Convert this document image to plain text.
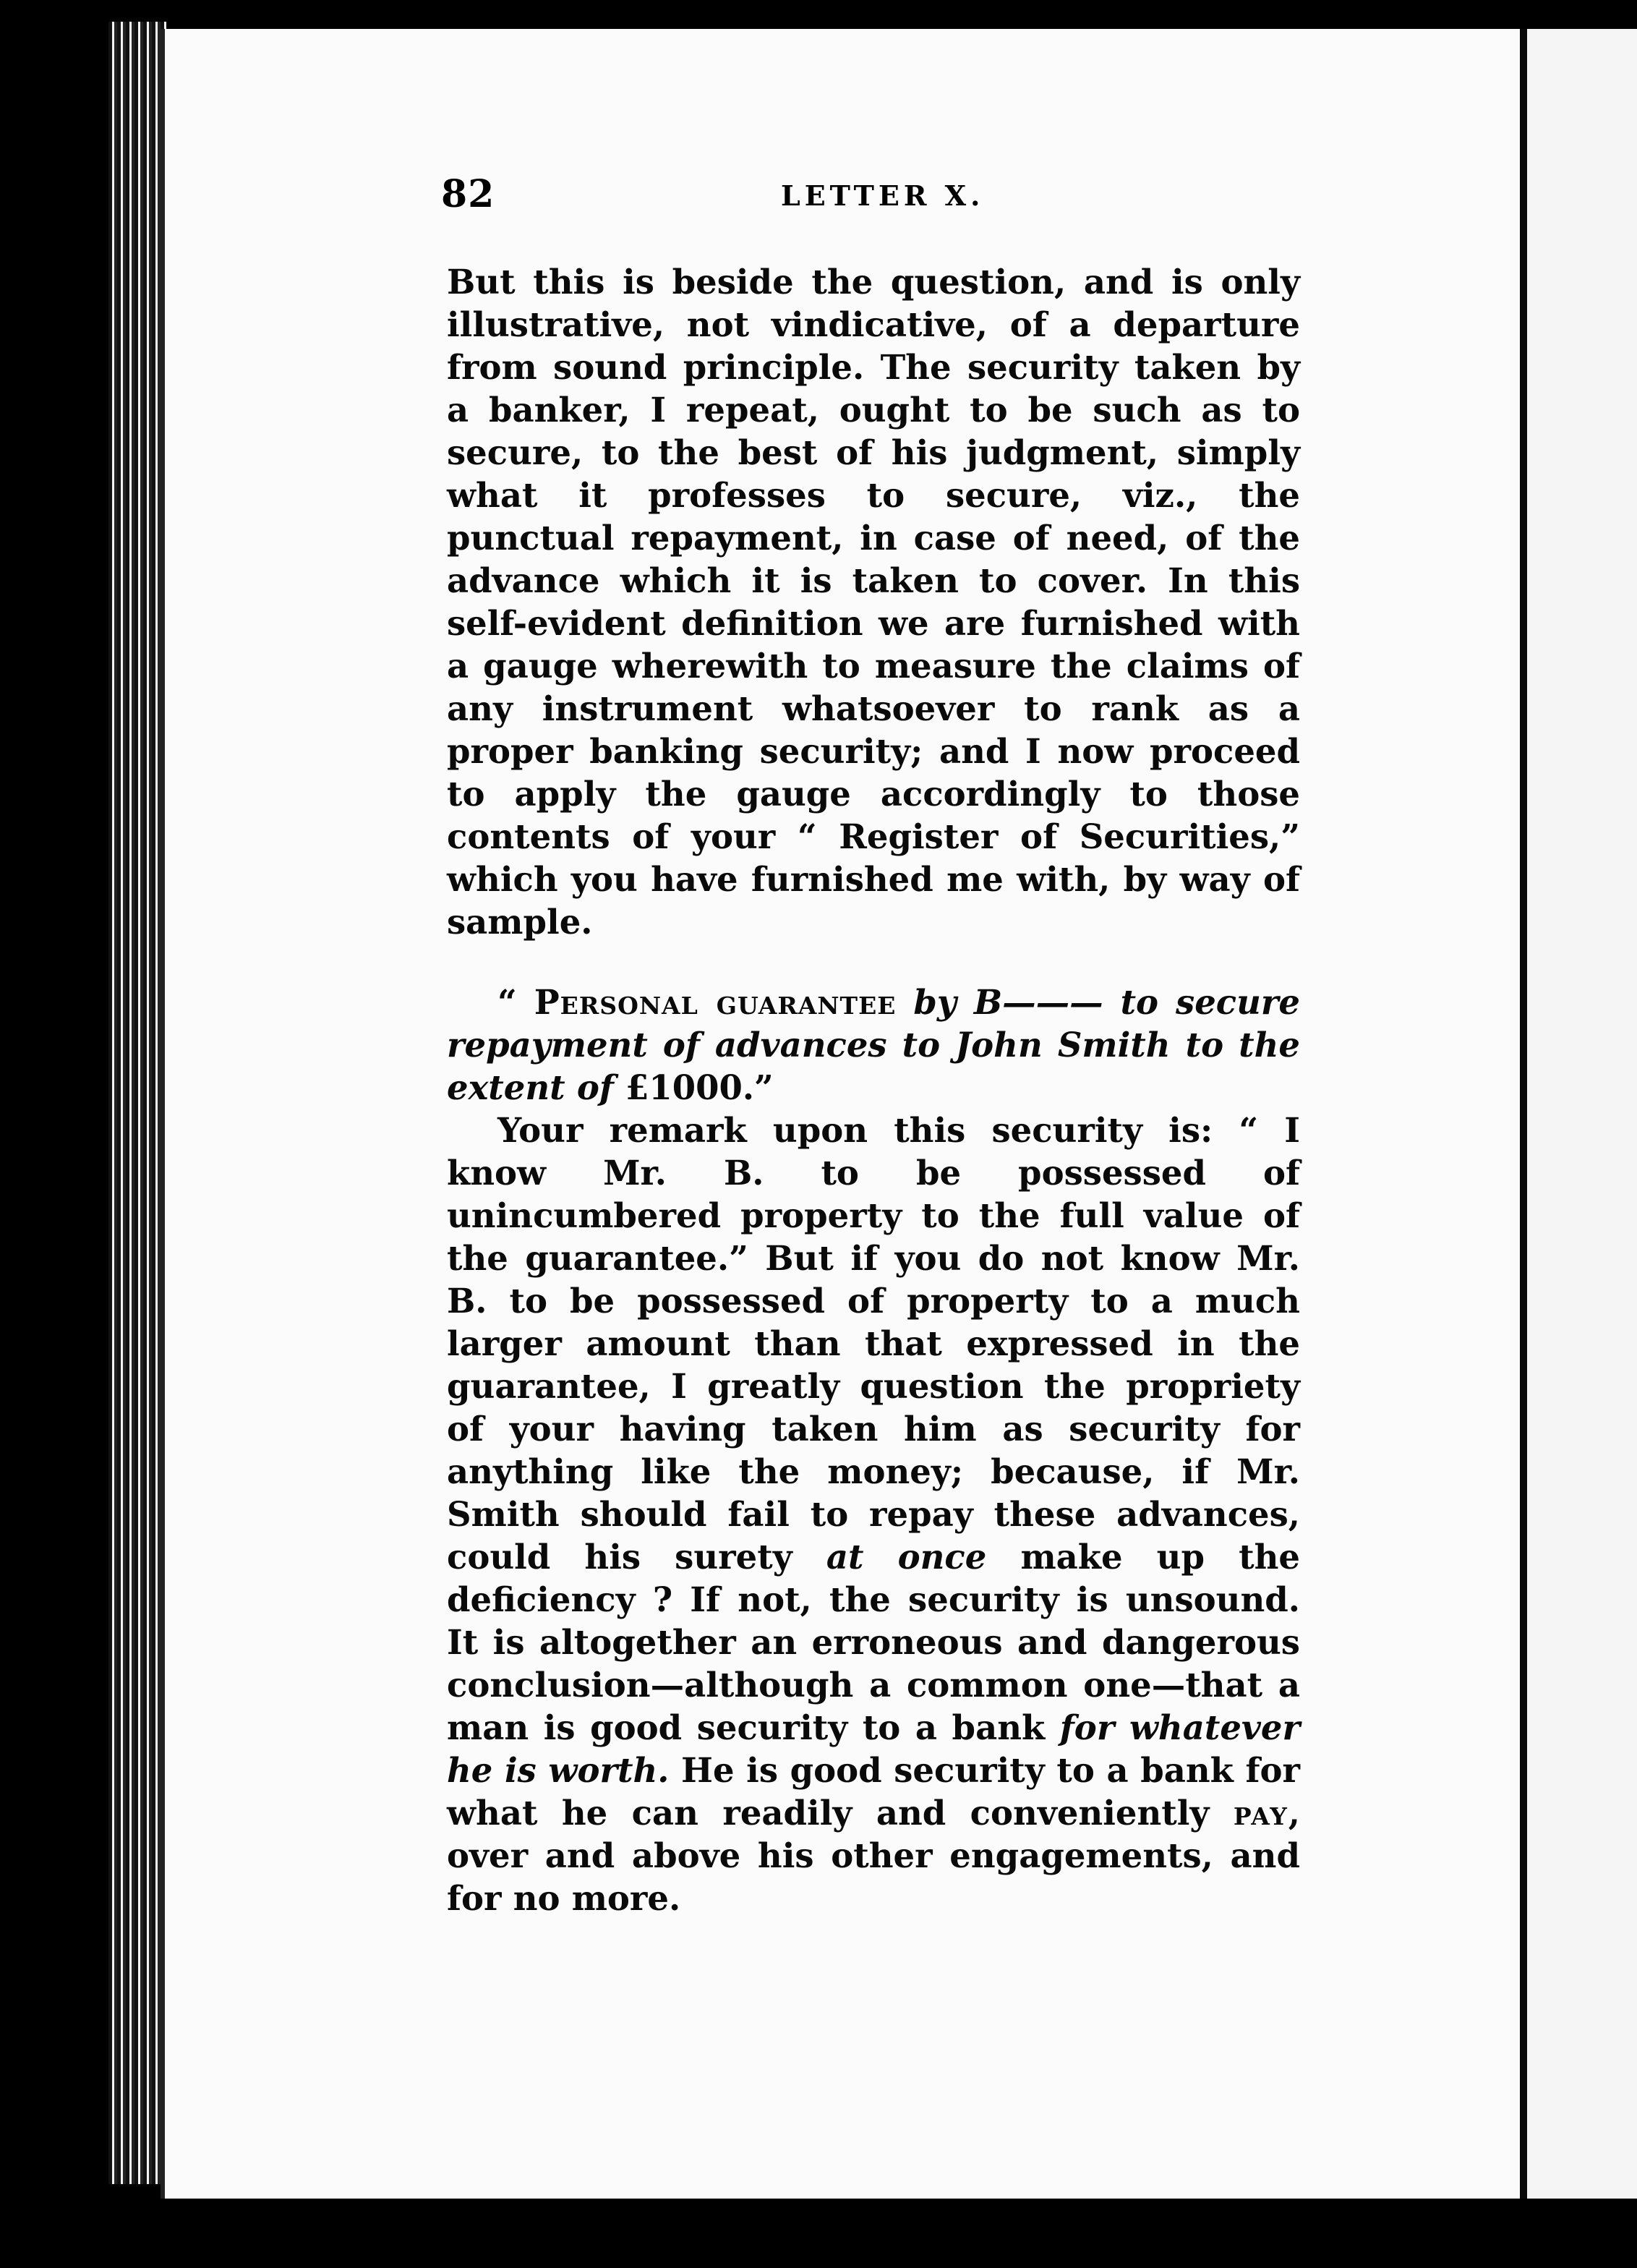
82	LETTER X.

But this is beside the question, and is only illustrative, not vindicative, of a departure from sound principle. The security taken by a banker, I repeat, ought to be such as to secure, to the best of his judgment, simply what it professes to secure, viz., the punctual repayment, in case of need, of the advance which it is taken to cover. In this self-evident definition we are furnished with a gauge wherewith to measure the claims of any instrument whatsoever to rank as a proper banking security; and I now proceed to apply the gauge accordingly to those contents of your “ Register of Securities,” which you have furnished me with, by way of sample.

“ Personal guarantee by B——— to secure repayment of advances to John Smith to the extent of £1000.”

Your remark upon this security is: “ I know Mr. B. to be possessed of unincumbered property to the full value of the guarantee.” But if you do not know Mr. B. to be possessed of property to a much larger amount than that expressed in the guarantee, I greatly question the propriety of your having taken him as security for anything like the money; because, if Mr. Smith should fail to repay these advances, could his surety at once make up the deficiency ? If not, the security is unsound. It is altogether an erroneous and dangerous conclusion—although a common one—that a man is good security to a bank for whatever he is worth. He is good security to a bank for what he can readily and conveniently pay, over and above his other engagements, and for no more.
